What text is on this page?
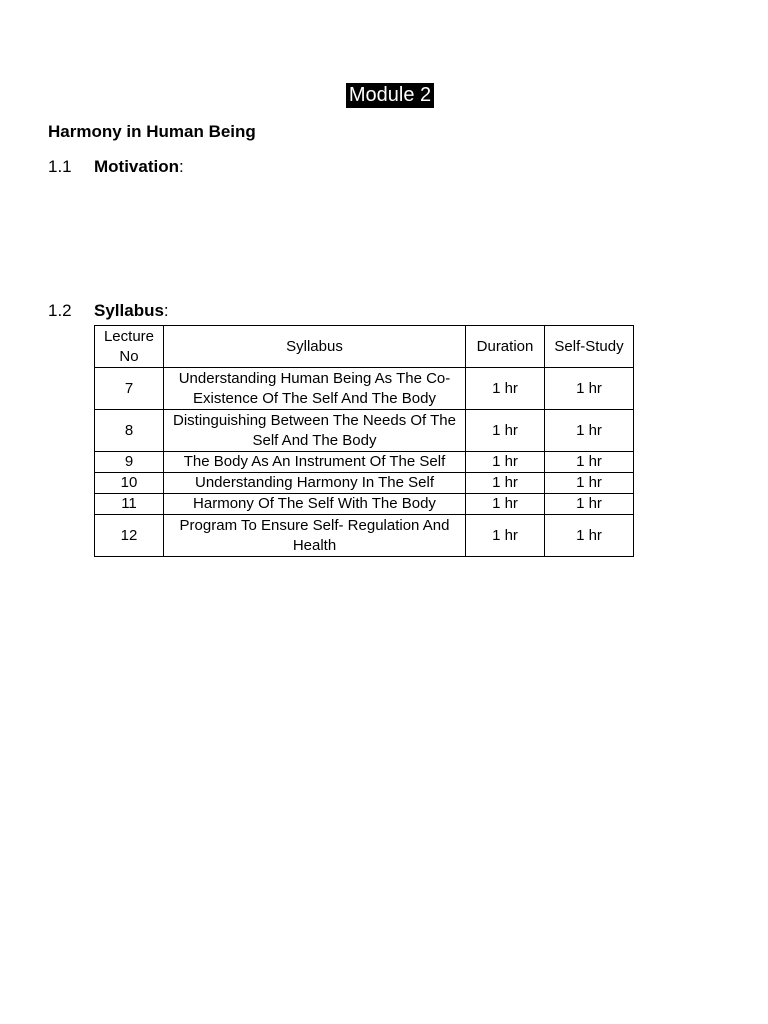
Module 2
Harmony in Human Being
1.1 Motivation:
1.2 Syllabus:
Lecture No	Syllabus	Duration	Self-Study
7	Understanding Human Being As The Co-Existence Of The Self And The Body	1 hr	1 hr
8	Distinguishing Between The Needs Of The Self And The Body	1 hr	1 hr
9	The Body As An Instrument Of The Self	1 hr	1 hr
10	Understanding Harmony In The Self	1 hr	1 hr
11	Harmony Of The Self With The Body	1 hr	1 hr
12	Program To Ensure Self- Regulation And Health	1 hr	1 hr
